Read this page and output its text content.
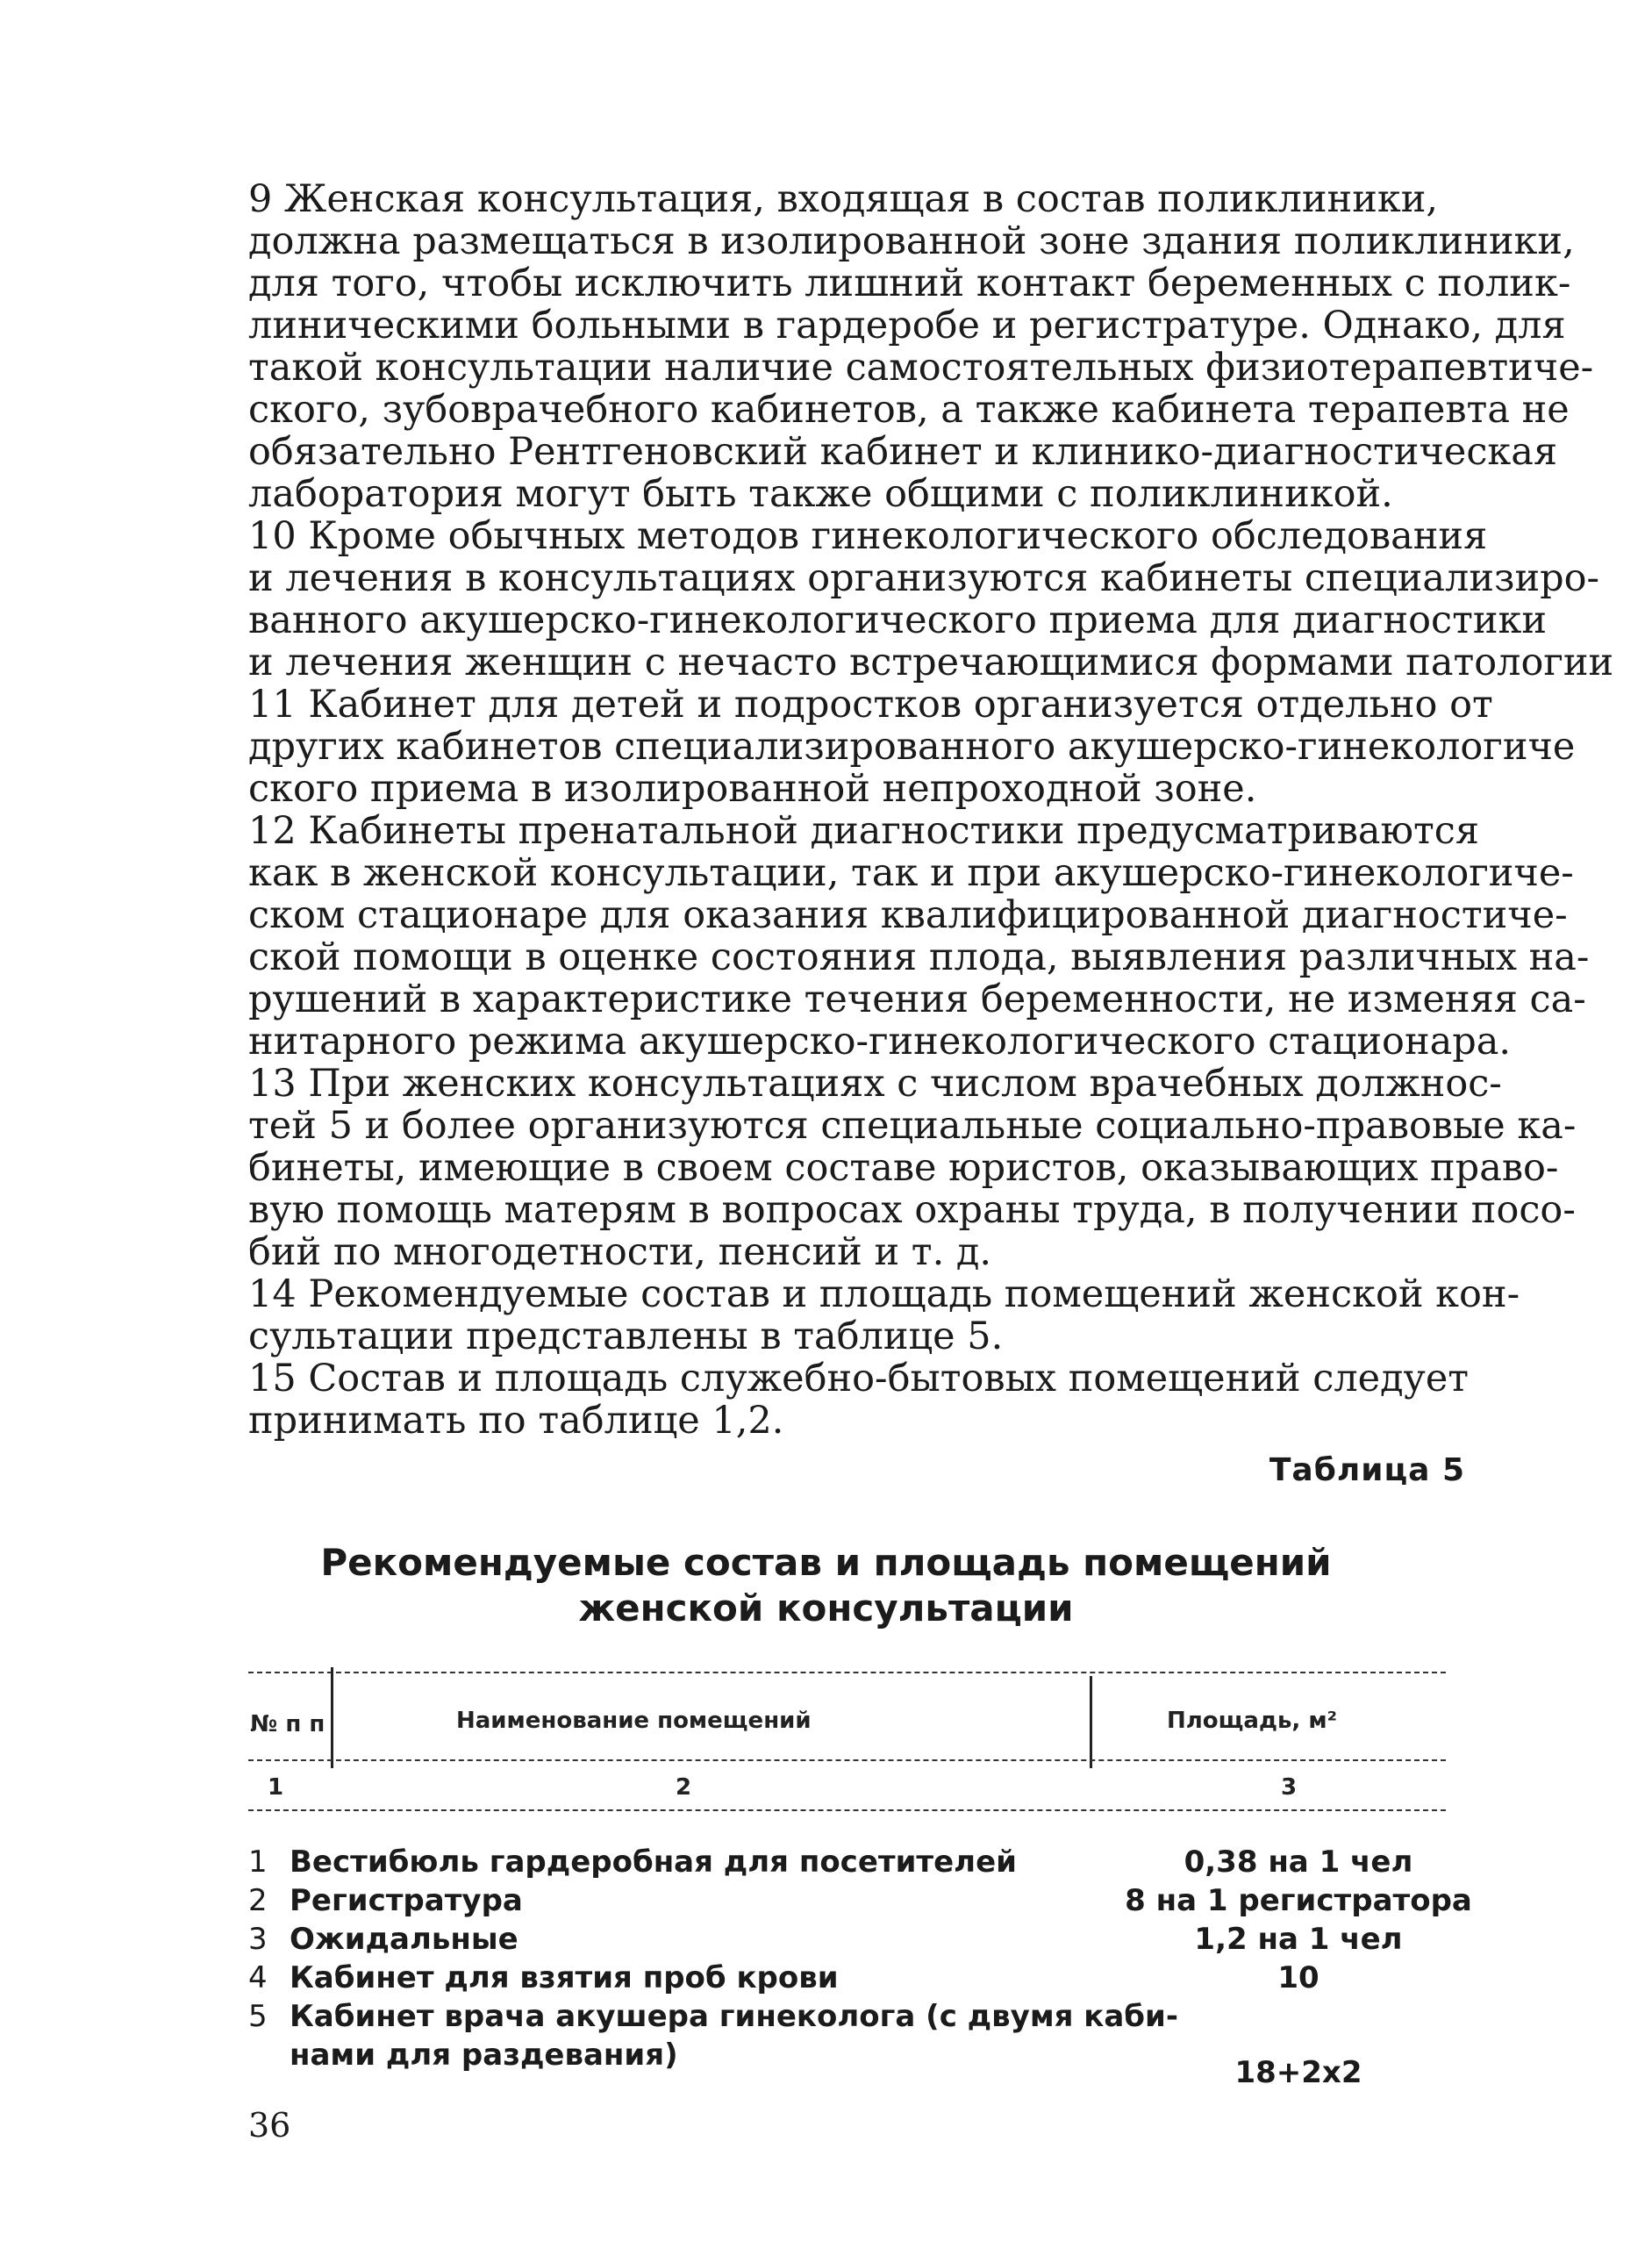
9 Женская консультация, входящая в состав поликлиники,
должна размещаться в изолированной зоне здания поликлиники,
для того, чтобы исключить лишний контакт беременных с полик-
линическими больными в гардеробе и регистратуре. Однако, для
такой консультации наличие самостоятельных физиотерапевтиче-
ского, зубоврачебного кабинетов, а также кабинета терапевта не
обязательно Рентгеновский кабинет и клинико-диагностическая
лаборатория могут быть также общими с поликлиникой.
10 Кроме обычных методов гинекологического обследования
и лечения в консультациях организуются кабинеты специализиро-
ванного акушерско-гинекологического приема для диагностики
и лечения женщин с нечасто встречающимися формами патологии
11 Кабинет для детей и подростков организуется отдельно от
других кабинетов специализированного акушерско-гинекологиче
ского приема в изолированной непроходной зоне.
12 Кабинеты пренатальной диагностики предусматриваются
как в женской консультации, так и при акушерско-гинекологиче-
ском стационаре для оказания квалифицированной диагностиче-
ской помощи в оценке состояния плода, выявления различных на-
рушений в характеристике течения беременности, не изменяя са-
нитарного режима акушерско-гинекологического стационара.
13 При женских консультациях с числом врачебных должнос-
тей 5 и более организуются специальные социально-правовые ка-
бинеты, имеющие в своем составе юристов, оказывающих право-
вую помощь матерям в вопросах охраны труда, в получении посо-
бий по многодетности, пенсий и т. д.
14 Рекомендуемые состав и площадь помещений женской кон-
сультации представлены в таблице 5.
15 Состав и площадь служебно-бытовых помещений следует
принимать по таблице 1,2.
Таблица 5
Рекомендуемые состав и площадь помещений
женской консультации
№ п п	Наименование помещений	Площадь, м²
1	2	3
1 Вестибюль гардеробная для посетителей	0,38 на 1 чел
2 Регистратура	8 на 1 регистратора
3 Ожидальные	1,2 на 1 чел
4 Кабинет для взятия проб крови	10
5 Кабинет врача акушера гинеколога (с двумя каби-
нами для раздевания)	18+2х2
36
